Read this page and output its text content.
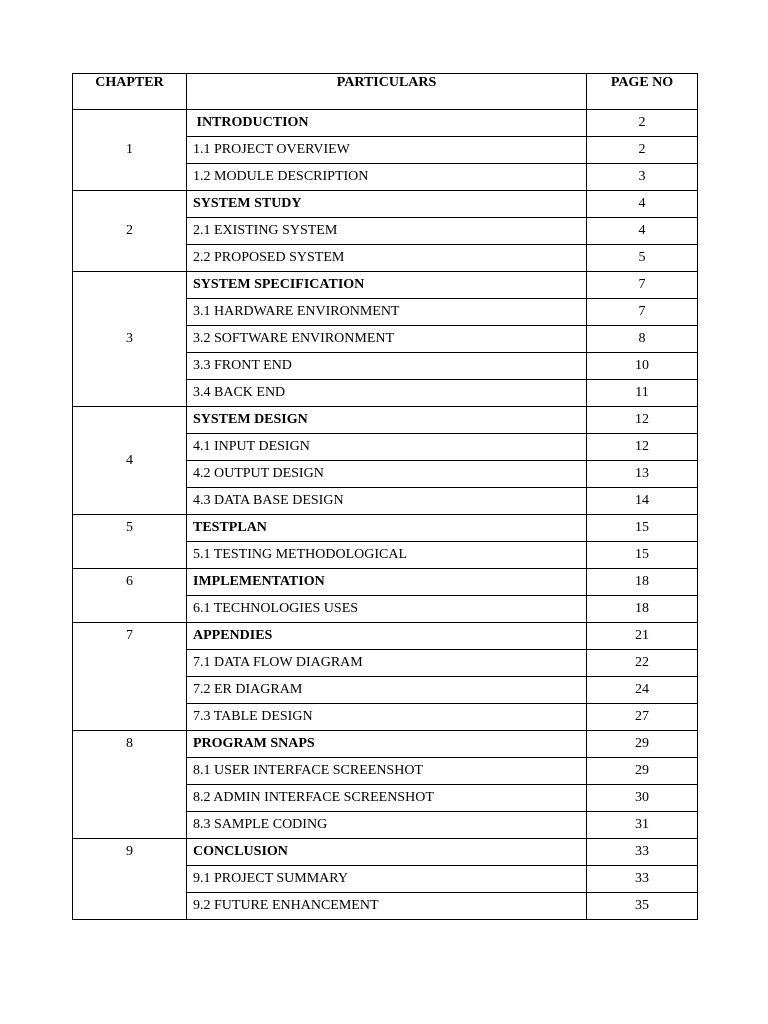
CHAPTER	PARTICULARS	PAGE NO

1	INTRODUCTION	2
	1.1 PROJECT OVERVIEW	2
	1.2 MODULE DESCRIPTION	3

2	SYSTEM STUDY	4
	2.1 EXISTING SYSTEM	4
	2.2 PROPOSED SYSTEM	5

3	SYSTEM SPECIFICATION	7
	3.1 HARDWARE ENVIRONMENT	7
	3.2 SOFTWARE ENVIRONMENT	8
	3.3 FRONT END	10
	3.4 BACK END	11

4	SYSTEM DESIGN	12
	4.1 INPUT DESIGN	12
	4.2 OUTPUT DESIGN	13
	4.3 DATA BASE DESIGN	14

5	TESTPLAN	15
	5.1 TESTING METHODOLOGICAL	15

6	IMPLEMENTATION	18
	6.1 TECHNOLOGIES USES	18

7	APPENDIES	21
	7.1 DATA FLOW DIAGRAM	22
	7.2 ER DIAGRAM	24
	7.3 TABLE DESIGN	27

8	PROGRAM SNAPS	29
	8.1 USER INTERFACE SCREENSHOT	29
	8.2 ADMIN INTERFACE SCREENSHOT	30
	8.3 SAMPLE CODING	31

9	CONCLUSION	33
	9.1 PROJECT SUMMARY	33
	9.2 FUTURE ENHANCEMENT	35
